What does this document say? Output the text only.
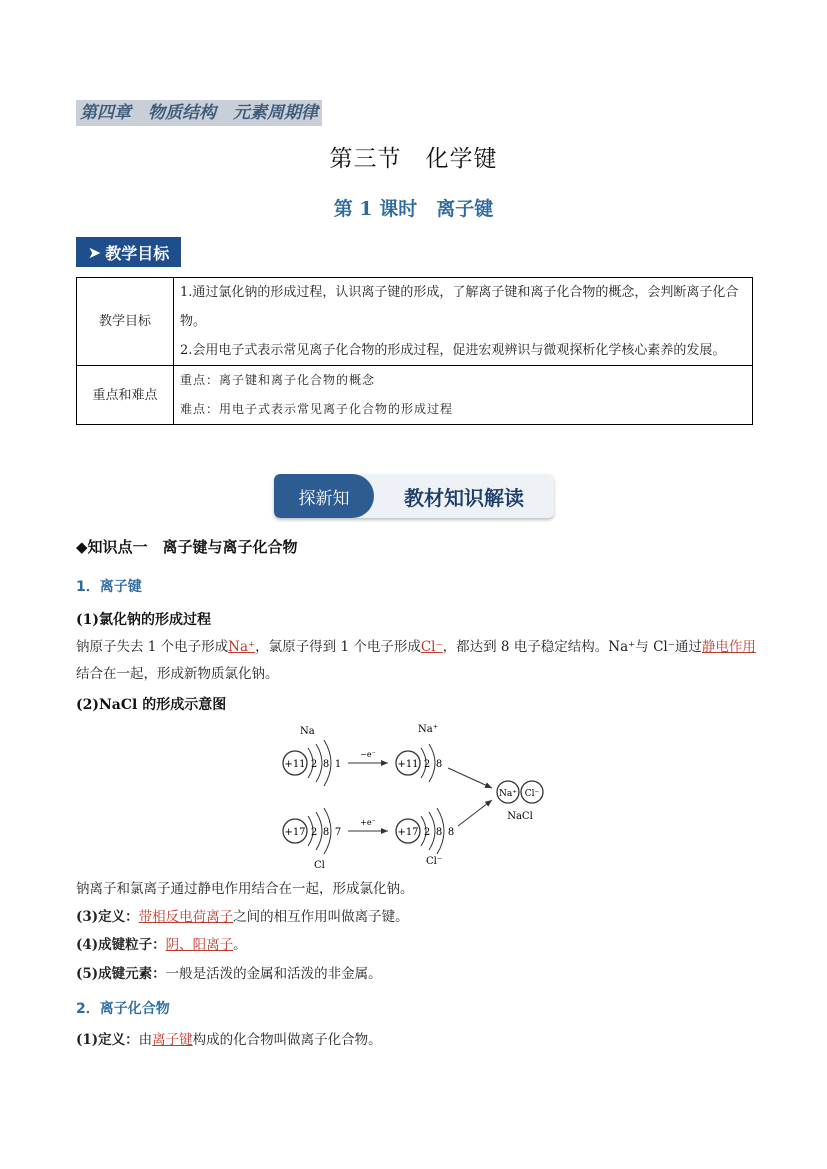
第四章　物质结构　元素周期律
第三节　化学键
第 1 课时　离子键
➤ 教学目标
教学目标	1.通过氯化钠的形成过程，认识离子键的形成，了解离子键和离子化合物的概念，会判断离子化合物。
2.会用电子式表示常见离子化合物的形成过程，促进宏观辨识与微观探析化学核心素养的发展。

重点和难点	重点：离子键和离子化合物的概念
难点：用电子式表示常见离子化合物的形成过程
探新知	教材知识解读
◆知识点一　离子键与离子化合物
1．离子键
(1)氯化钠的形成过程
钠原子失去 1 个电子形成Na⁺，氯原子得到 1 个电子形成Cl⁻，都达到 8 电子稳定结构。Na⁺与 Cl⁻通过静电作用结合在一起，形成新物质氯化钠。
(2)NaCl 的形成示意图
Na
+11 2 8 1
−e⁻
Na⁺
+11 2 8
+17 2 8 7
Cl
+e⁻
+17 2 8 8
Cl⁻
Na⁺ Cl⁻
NaCl
钠离子和氯离子通过静电作用结合在一起，形成氯化钠。
(3)定义：带相反电荷离子之间的相互作用叫做离子键。
(4)成键粒子：阴、阳离子。
(5)成键元素：一般是活泼的金属和活泼的非金属。
2．离子化合物
(1)定义：由离子键构成的化合物叫做离子化合物。
